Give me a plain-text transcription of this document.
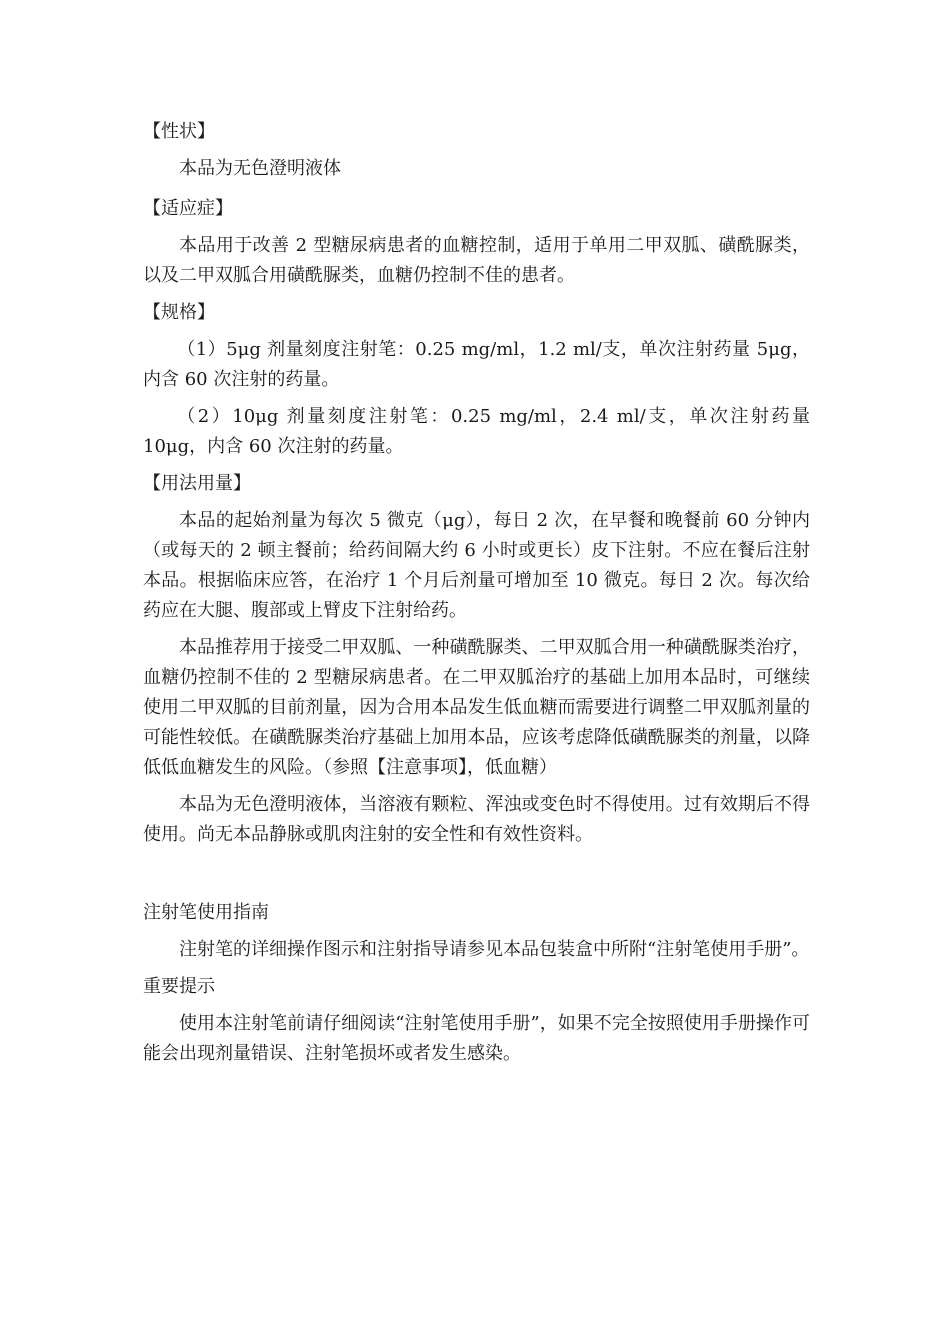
【性状】
本品为无色澄明液体
【适应症】
本品用于改善 2 型糖尿病患者的血糖控制，适用于单用二甲双胍、磺酰脲类，以及二甲双胍合用磺酰脲类，血糖仍控制不佳的患者。
【规格】
（1）5μg 剂量刻度注射笔：0.25 mg/ml，1.2 ml/支，单次注射药量 5μg，内含 60 次注射的药量。
（2）10μg 剂量刻度注射笔：0.25 mg/ml，2.4 ml/支，单次注射药量 10μg，内含 60 次注射的药量。
【用法用量】
本品的起始剂量为每次 5 微克（μg），每日 2 次，在早餐和晚餐前 60 分钟内（或每天的 2 顿主餐前；给药间隔大约 6 小时或更长）皮下注射。不应在餐后注射本品。根据临床应答，在治疗 1 个月后剂量可增加至 10 微克。每日 2 次。每次给药应在大腿、腹部或上臂皮下注射给药。
本品推荐用于接受二甲双胍、一种磺酰脲类、二甲双胍合用一种磺酰脲类治疗，血糖仍控制不佳的 2 型糖尿病患者。在二甲双胍治疗的基础上加用本品时，可继续使用二甲双胍的目前剂量，因为合用本品发生低血糖而需要进行调整二甲双胍剂量的可能性较低。在磺酰脲类治疗基础上加用本品，应该考虑降低磺酰脲类的剂量，以降低低血糖发生的风险。（参照【注意事项】，低血糖）
本品为无色澄明液体，当溶液有颗粒、浑浊或变色时不得使用。过有效期后不得使用。尚无本品静脉或肌肉注射的安全性和有效性资料。
注射笔使用指南
注射笔的详细操作图示和注射指导请参见本品包装盒中所附“注射笔使用手册”。
重要提示
使用本注射笔前请仔细阅读“注射笔使用手册”，如果不完全按照使用手册操作可能会出现剂量错误、注射笔损坏或者发生感染。
